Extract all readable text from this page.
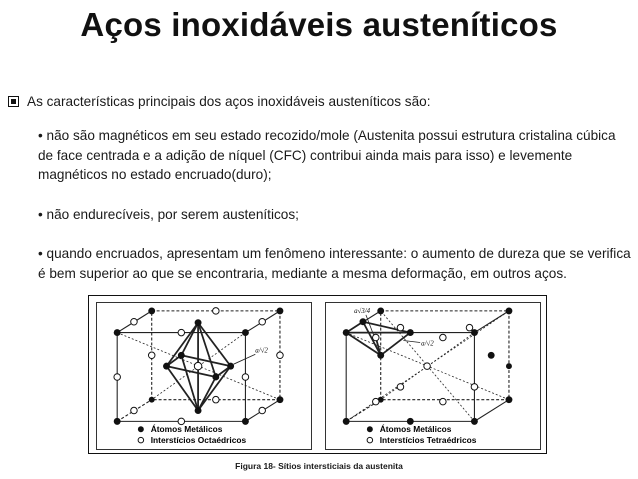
Aços inoxidáveis austeníticos
As características principais dos aços inoxidáveis austeníticos são:
• não são magnéticos em seu estado recozido/mole (Austenita possui estrutura cristalina cúbica de face centrada e a adição de níquel (CFC) contribui ainda mais para isso) e levemente magnéticos no estado encruado(duro);
• não endurecíveis, por serem austeníticos;
• quando encruados, apresentam um fenômeno interessante: o aumento de dureza que se verifica é bem superior ao que se encontraria, mediante a mesma deformação, em outros aços.
a/√2
Átomos Metálicos
Interstícios Octaédricos
a√3/4
a/√2
Átomos Metálicos
Interstícios Tetraédricos
Figura 18- Sítios intersticiais da austenita
